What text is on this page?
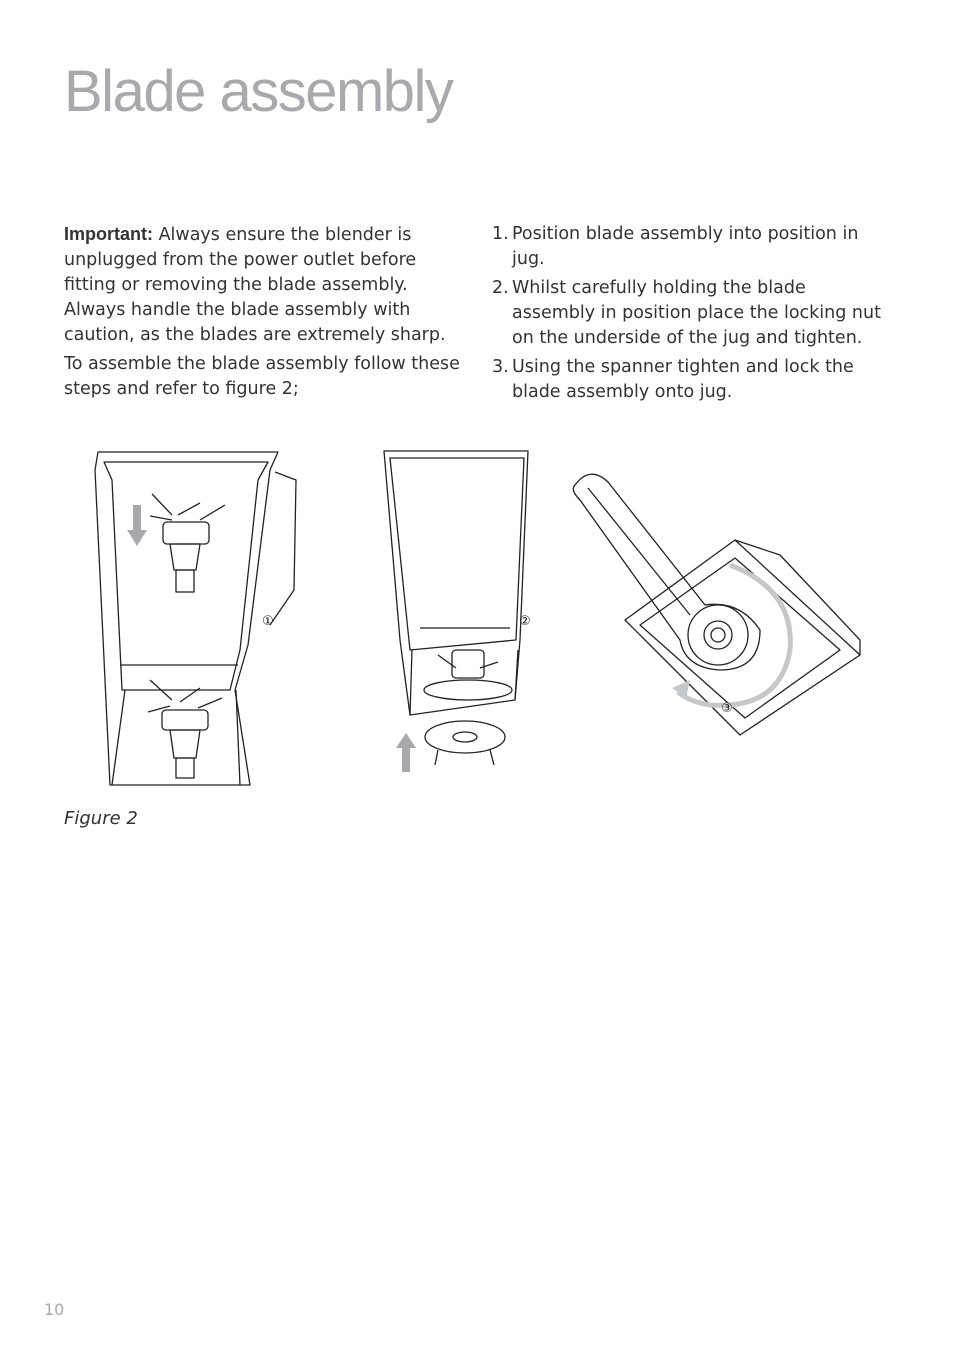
Blade assembly

Important: Always ensure the blender is unplugged from the power outlet before fitting or removing the blade assembly. Always handle the blade assembly with caution, as the blades are extremely sharp.

To assemble the blade assembly follow these steps and refer to figure 2;

1. Position blade assembly into position in jug.
2. Whilst carefully holding the blade assembly in position place the locking nut on the underside of the jug and tighten.
3. Using the spanner tighten and lock the blade assembly onto jug.
①	②
③
Figure 2
10
